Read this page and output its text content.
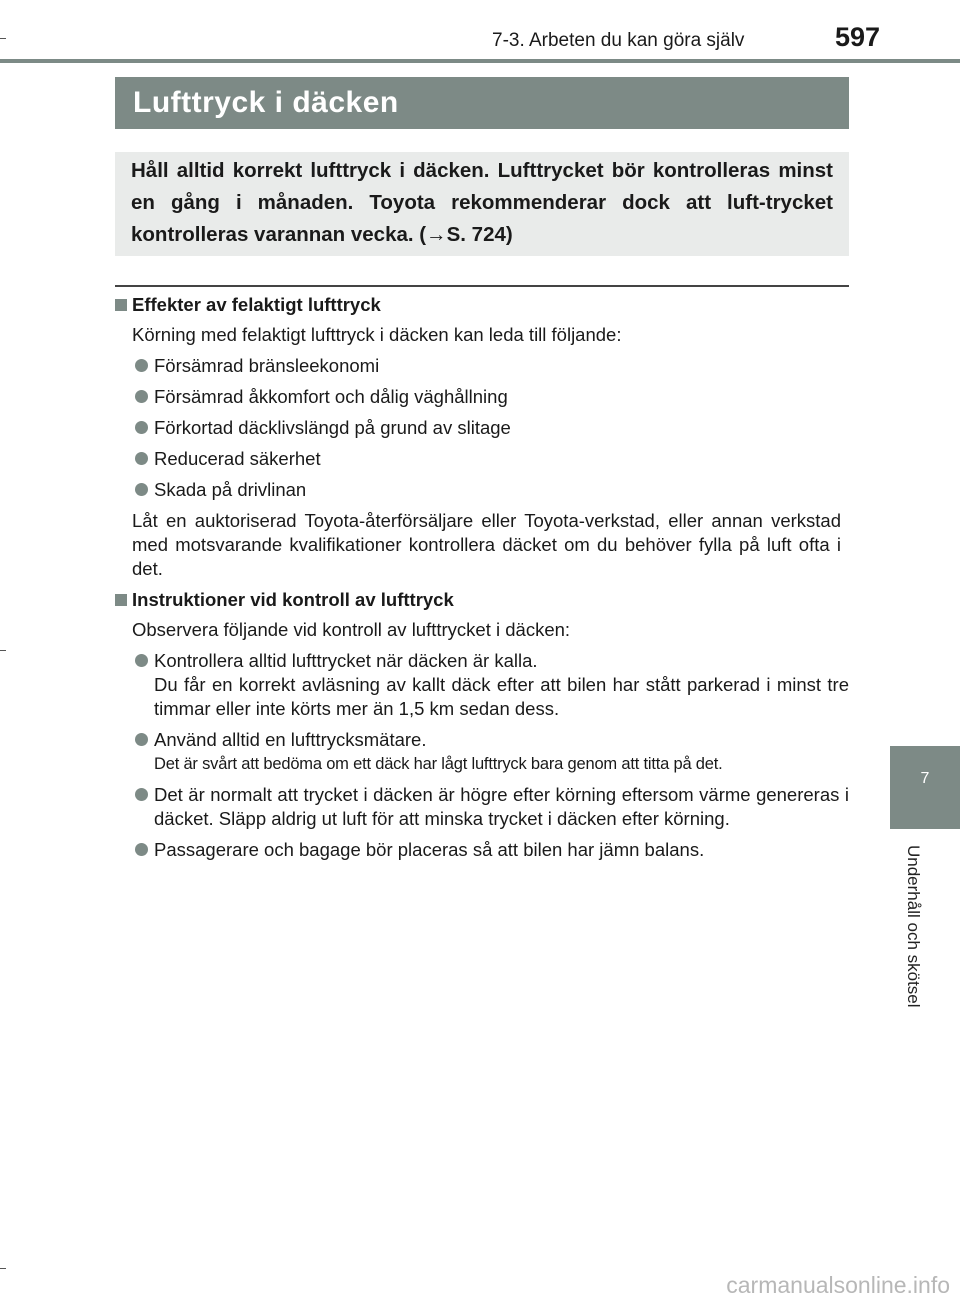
7-3. Arbeten du kan göra själv	597
Lufttryck i däcken
Håll alltid korrekt lufttryck i däcken. Lufttrycket bör kontrolleras minst en gång i månaden. Toyota rekommenderar dock att luft-trycket kontrolleras varannan vecka. (→S. 724)
Effekter av felaktigt lufttryck
Körning med felaktigt lufttryck i däcken kan leda till följande:
Försämrad bränsleekonomi
Försämrad åkkomfort och dålig väghållning
Förkortad däcklivslängd på grund av slitage
Reducerad säkerhet
Skada på drivlinan
Låt en auktoriserad Toyota-återförsäljare eller Toyota-verkstad, eller annan verkstad med motsvarande kvalifikationer kontrollera däcket om du behöver fylla på luft ofta i det.
Instruktioner vid kontroll av lufttryck
Observera följande vid kontroll av lufttrycket i däcken:
Kontrollera alltid lufttrycket när däcken är kalla.
Du får en korrekt avläsning av kallt däck efter att bilen har stått parkerad i minst tre timmar eller inte körts mer än 1,5 km sedan dess.
Använd alltid en lufttrycksmätare.
Det är svårt att bedöma om ett däck har lågt lufttryck bara genom att titta på det.
Det är normalt att trycket i däcken är högre efter körning eftersom värme genereras i däcket. Släpp aldrig ut luft för att minska trycket i däcken efter körning.
Passagerare och bagage bör placeras så att bilen har jämn balans.
7
Underhåll och skötsel
carmanualsonline.info
